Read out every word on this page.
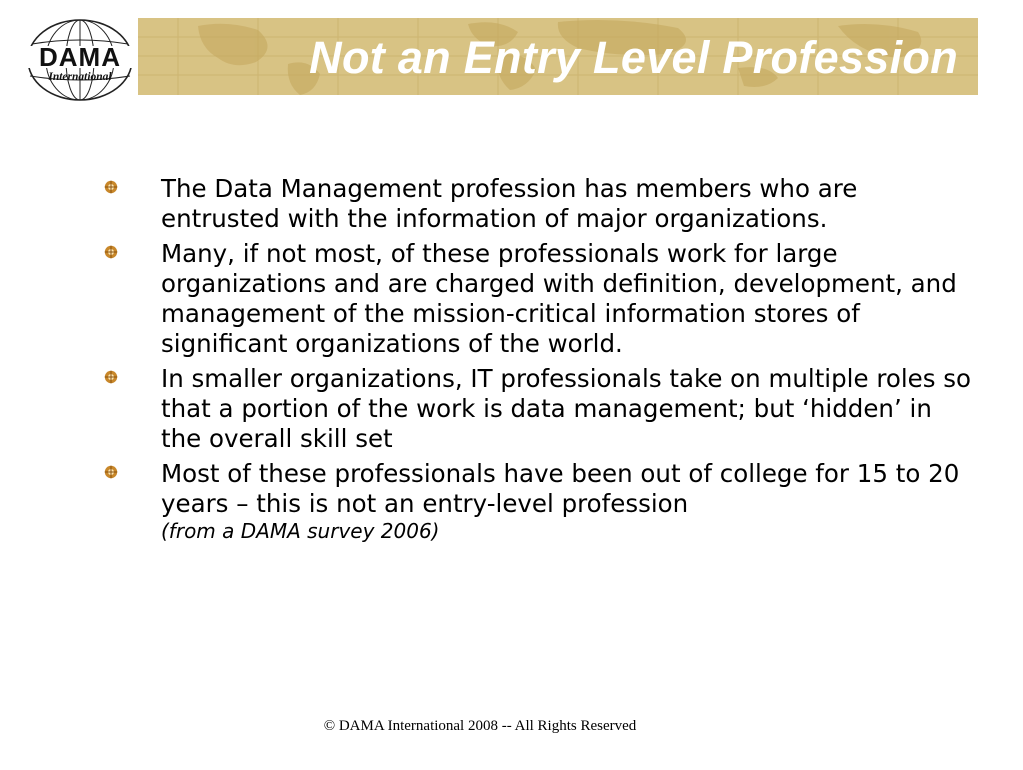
DAMA
International	Not an Entry Level Profession
The Data Management profession has members who are entrusted with the information of major organizations.
Many, if not most, of these professionals work for large organizations and are charged with definition, development, and management of the mission-critical information stores of significant organizations of the world.
In smaller organizations, IT professionals take on multiple roles so that a portion of the work is data management; but ‘hidden’ in the overall skill set
Most of these professionals have been out of college for 15 to 20 years – this is not an entry-level profession
(from a DAMA survey 2006)
© DAMA International 2008 -- All Rights Reserved
